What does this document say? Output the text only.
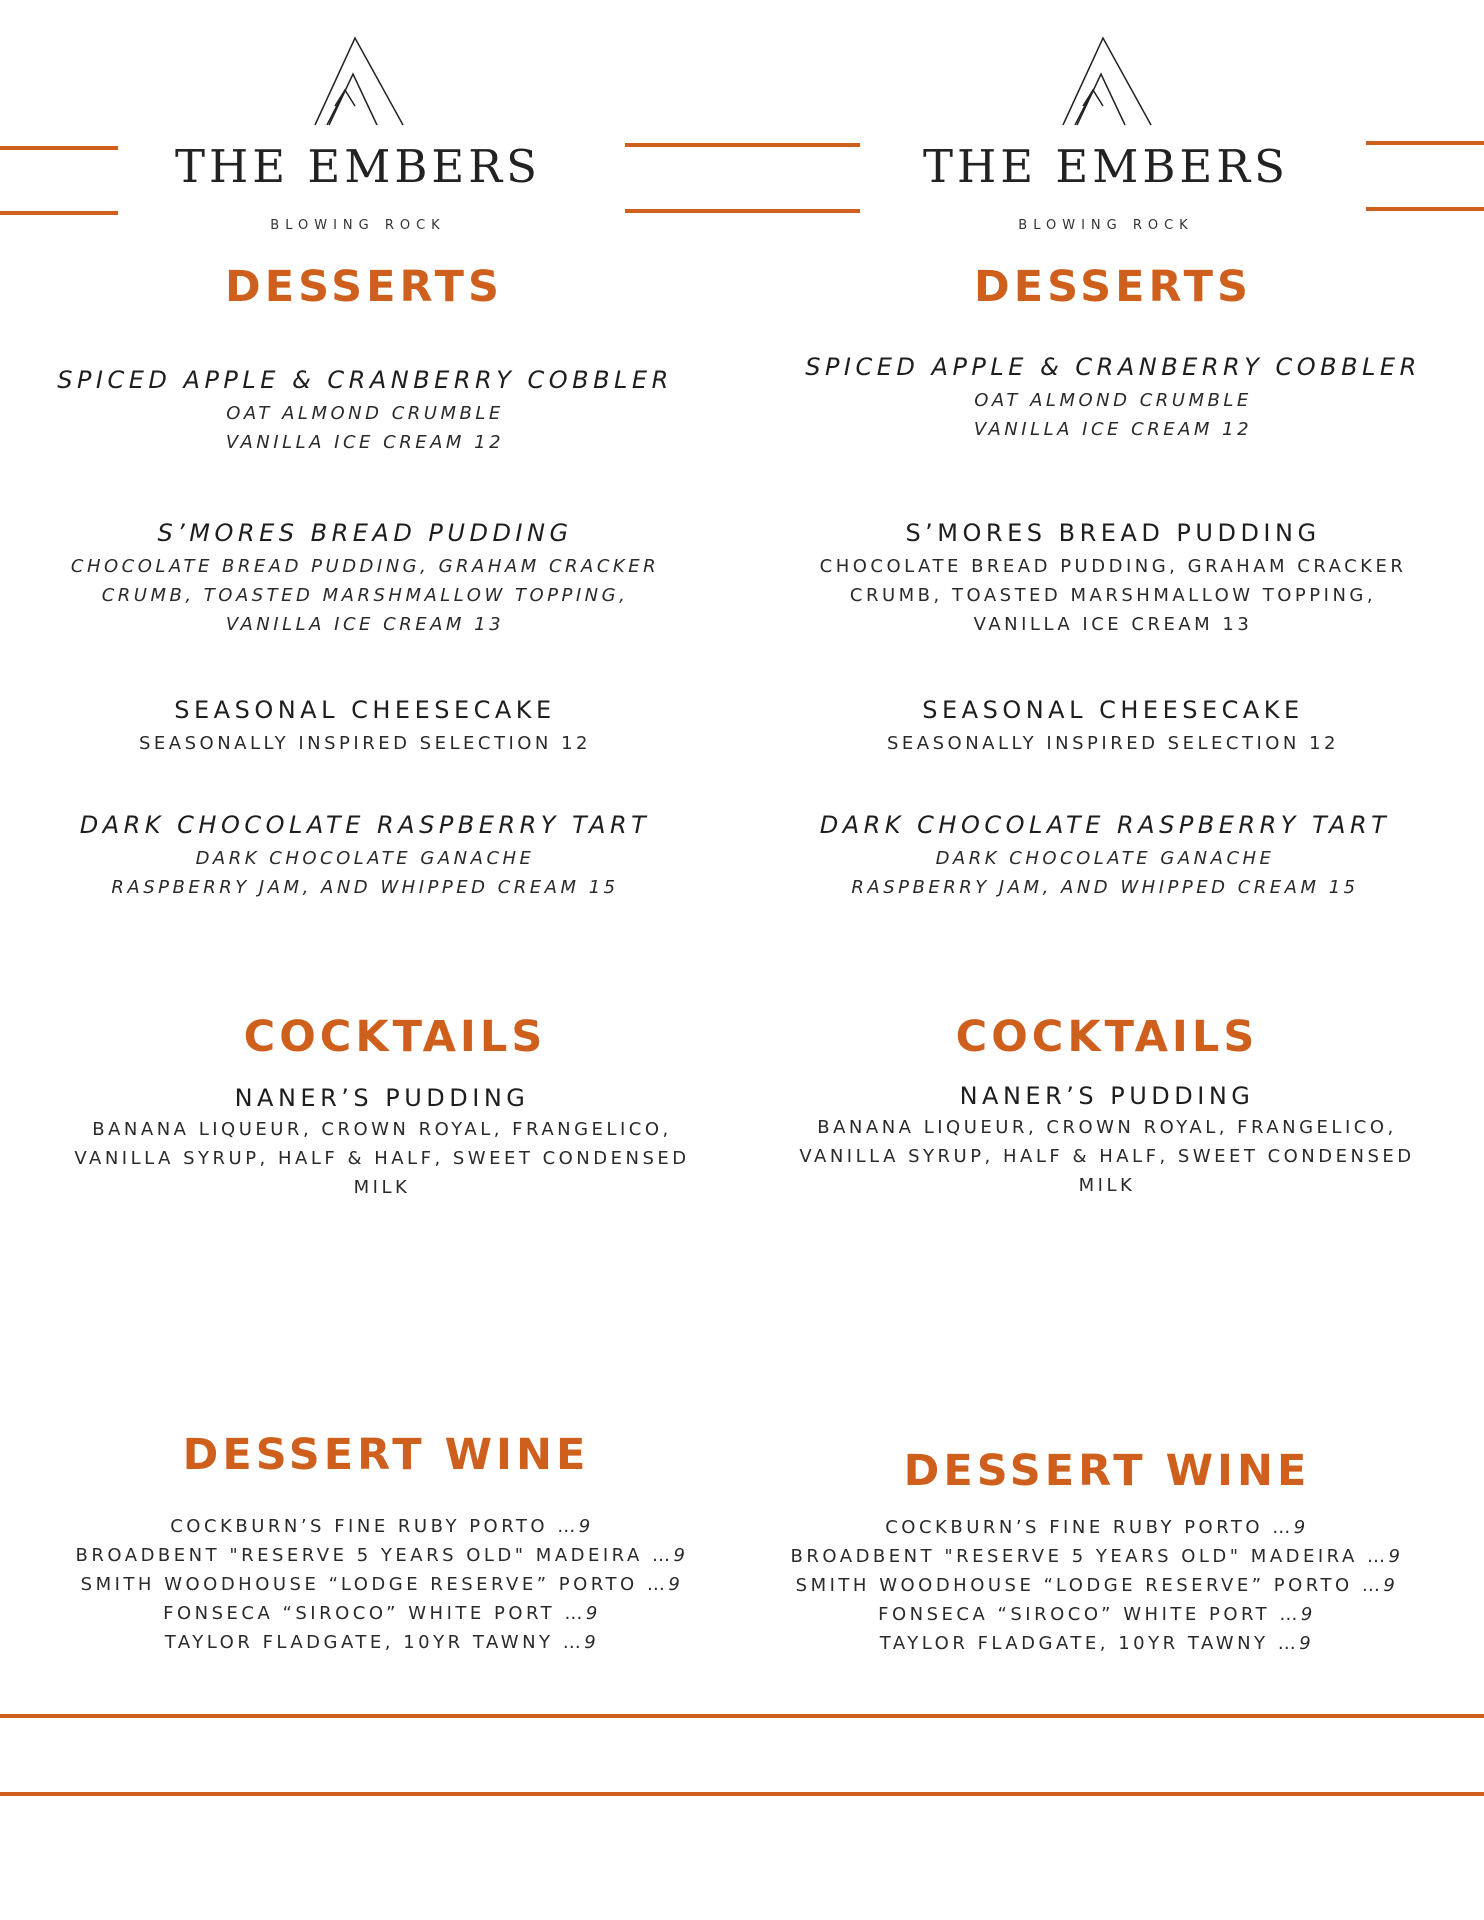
THE EMBERS
BLOWING ROCK
DESSERTS
SPICED APPLE & CRANBERRY COBBLER
OAT ALMOND CRUMBLE
VANILLA ICE CREAM 12
S’MORES BREAD PUDDING
CHOCOLATE BREAD PUDDING, GRAHAM CRACKER
CRUMB, TOASTED MARSHMALLOW TOPPING,
VANILLA ICE CREAM 13
SEASONAL CHEESECAKE
SEASONALLY INSPIRED SELECTION 12
DARK CHOCOLATE RASPBERRY TART
DARK CHOCOLATE GANACHE
RASPBERRY JAM, AND WHIPPED CREAM 15
COCKTAILS
NANER’S PUDDING
BANANA LIQUEUR, CROWN ROYAL, FRANGELICO,
VANILLA SYRUP, HALF & HALF, SWEET CONDENSED
MILK
DESSERT WINE
COCKBURN’S FINE RUBY PORTO …9
BROADBENT "RESERVE 5 YEARS OLD" MADEIRA …9
SMITH WOODHOUSE “LODGE RESERVE” PORTO …9
FONSECA “SIROCO” WHITE PORT …9
TAYLOR FLADGATE, 10YR TAWNY …9
THE EMBERS
BLOWING ROCK
DESSERTS
SPICED APPLE & CRANBERRY COBBLER
OAT ALMOND CRUMBLE
VANILLA ICE CREAM 12
S’MORES BREAD PUDDING
CHOCOLATE BREAD PUDDING, GRAHAM CRACKER
CRUMB, TOASTED MARSHMALLOW TOPPING,
VANILLA ICE CREAM 13
SEASONAL CHEESECAKE
SEASONALLY INSPIRED SELECTION 12
DARK CHOCOLATE RASPBERRY TART
DARK CHOCOLATE GANACHE
RASPBERRY JAM, AND WHIPPED CREAM 15
COCKTAILS
NANER’S PUDDING
BANANA LIQUEUR, CROWN ROYAL, FRANGELICO,
VANILLA SYRUP, HALF & HALF, SWEET CONDENSED
MILK
DESSERT WINE
COCKBURN’S FINE RUBY PORTO …9
BROADBENT "RESERVE 5 YEARS OLD" MADEIRA …9
SMITH WOODHOUSE “LODGE RESERVE” PORTO …9
FONSECA “SIROCO” WHITE PORT …9
TAYLOR FLADGATE, 10YR TAWNY …9
